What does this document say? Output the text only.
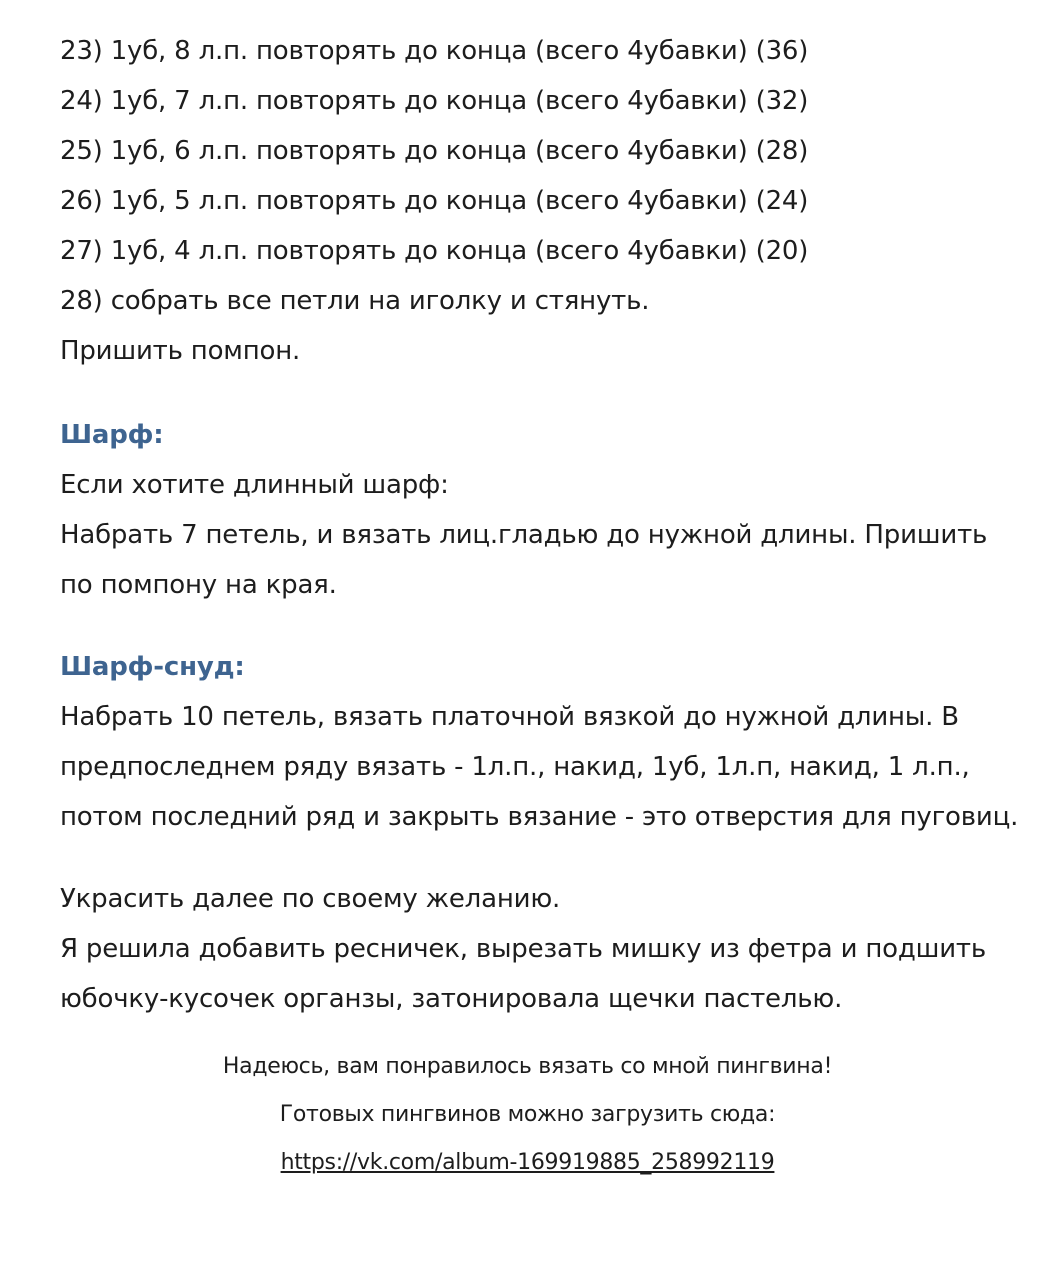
23) 1уб, 8 л.п. повторять до конца (всего 4убавки) (36)
24) 1уб, 7 л.п. повторять до конца (всего 4убавки) (32)
25) 1уб, 6 л.п. повторять до конца (всего 4убавки) (28)
26) 1уб, 5 л.п. повторять до конца (всего 4убавки) (24)
27) 1уб, 4 л.п. повторять до конца (всего 4убавки) (20)
28) собрать все петли на иголку и стянуть.
Пришить помпон.
Шарф:
Если хотите длинный шарф:
Набрать 7 петель, и вязать лиц.гладью до нужной длины. Пришить
по помпону на края.
Шарф-снуд:
Набрать 10 петель, вязать платочной вязкой до нужной длины. В
предпоследнем ряду вязать - 1л.п., накид, 1уб, 1л.п, накид, 1 л.п.,
потом последний ряд и закрыть вязание - это отверстия для пуговиц.
Украсить далее по своему желанию.
Я решила добавить ресничек, вырезать мишку из фетра и подшить
юбочку-кусочек органзы, затонировала щечки пастелью.
Надеюсь, вам понравилось вязать со мной пингвина!
Готовых пингвинов можно загрузить сюда:
https://vk.com/album-169919885_258992119
